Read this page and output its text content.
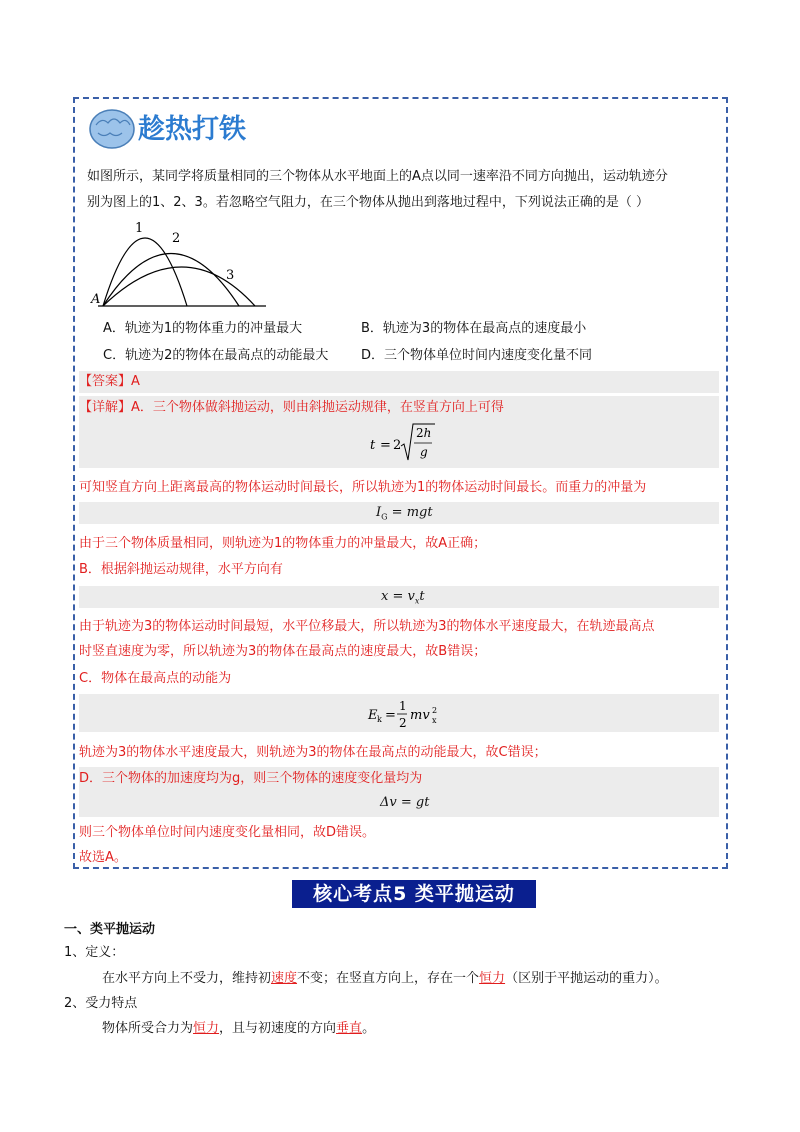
趁热打铁
如图所示，某同学将质量相同的三个物体从水平地面上的A点以同一速率沿不同方向抛出，运动轨迹分
别为图上的1、2、3。若忽略空气阻力，在三个物体从抛出到落地过程中，下列说法正确的是（ ）
1
2
3
A
A．轨迹为1的物体重力的冲量最大	B．轨迹为3的物体在最高点的速度最小
C．轨迹为2的物体在最高点的动能最大	D．三个物体单位时间内速度变化量不同
【答案】A
【详解】A．三个物体做斜抛运动，则由斜抛运动规律，在竖直方向上可得
t = 2
2h
g
可知竖直方向上距离最高的物体运动时间最长，所以轨迹为1的物体运动时间最长。而重力的冲量为
$I_G$ = mgt
由于三个物体质量相同，则轨迹为1的物体重力的冲量最大，故A正确；
B．根据斜抛运动规律，水平方向有
$x = v_xt$
由于轨迹为3的物体运动时间最短，水平位移最大，所以轨迹为3的物体水平速度最大，在轨迹最高点
时竖直速度为零，所以轨迹为3的物体在最高点的速度最大，故B错误；
C．物体在最高点的动能为
E k =
1
2 mv 2
x
轨迹为3的物体水平速度最大，则轨迹为3的物体在最高点的动能最大，故C错误；
D．三个物体的加速度均为g，则三个物体的速度变化量均为
Δv = gt
则三个物体单位时间内速度变化量相同，故D错误。
故选A。
核心考点5 类平抛运动
一、类平抛运动
1、定义：
在水平方向上不受力，维持初速度不变；在竖直方向上，存在一个恒力（区别于平抛运动的重力）。
2、受力特点
物体所受合力为恒力，且与初速度的方向垂直。
